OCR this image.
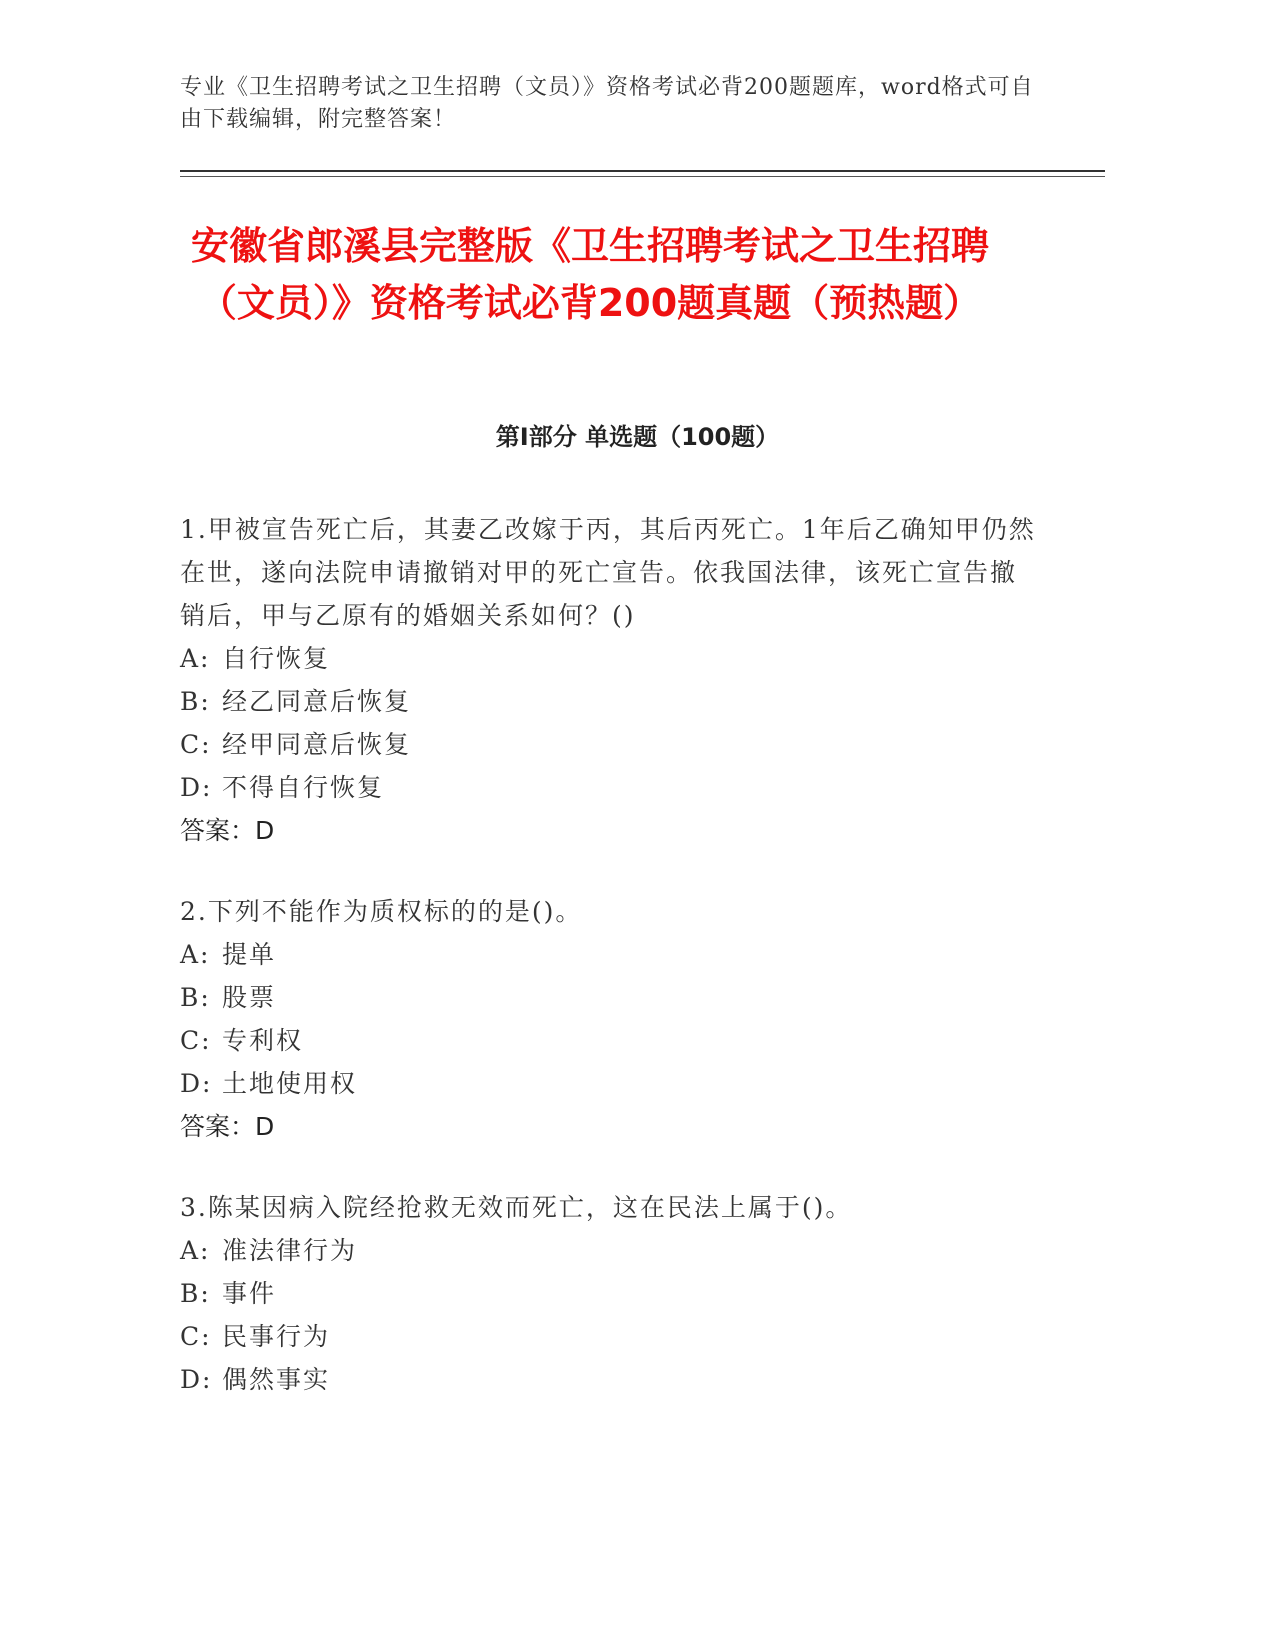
专业《卫生招聘考试之卫生招聘（文员）》资格考试必背200题题库，word格式可自由下载编辑，附完整答案！

安徽省郎溪县完整版《卫生招聘考试之卫生招聘（文员）》资格考试必背200题真题（预热题）
第I部分 单选题（100题）

1.甲被宣告死亡后，其妻乙改嫁于丙，其后丙死亡。1年后乙确知甲仍然在世，遂向法院申请撤销对甲的死亡宣告。依我国法律，该死亡宣告撤销后，甲与乙原有的婚姻关系如何？()

A: 自行恢复

B: 经乙同意后恢复

C: 经甲同意后恢复

D: 不得自行恢复

答案：D

2.下列不能作为质权标的的是()。

A: 提单

B: 股票

C: 专利权

D: 土地使用权

答案：D

3.陈某因病入院经抢救无效而死亡，这在民法上属于()。

A: 准法律行为

B: 事件

C: 民事行为

D: 偶然事实
